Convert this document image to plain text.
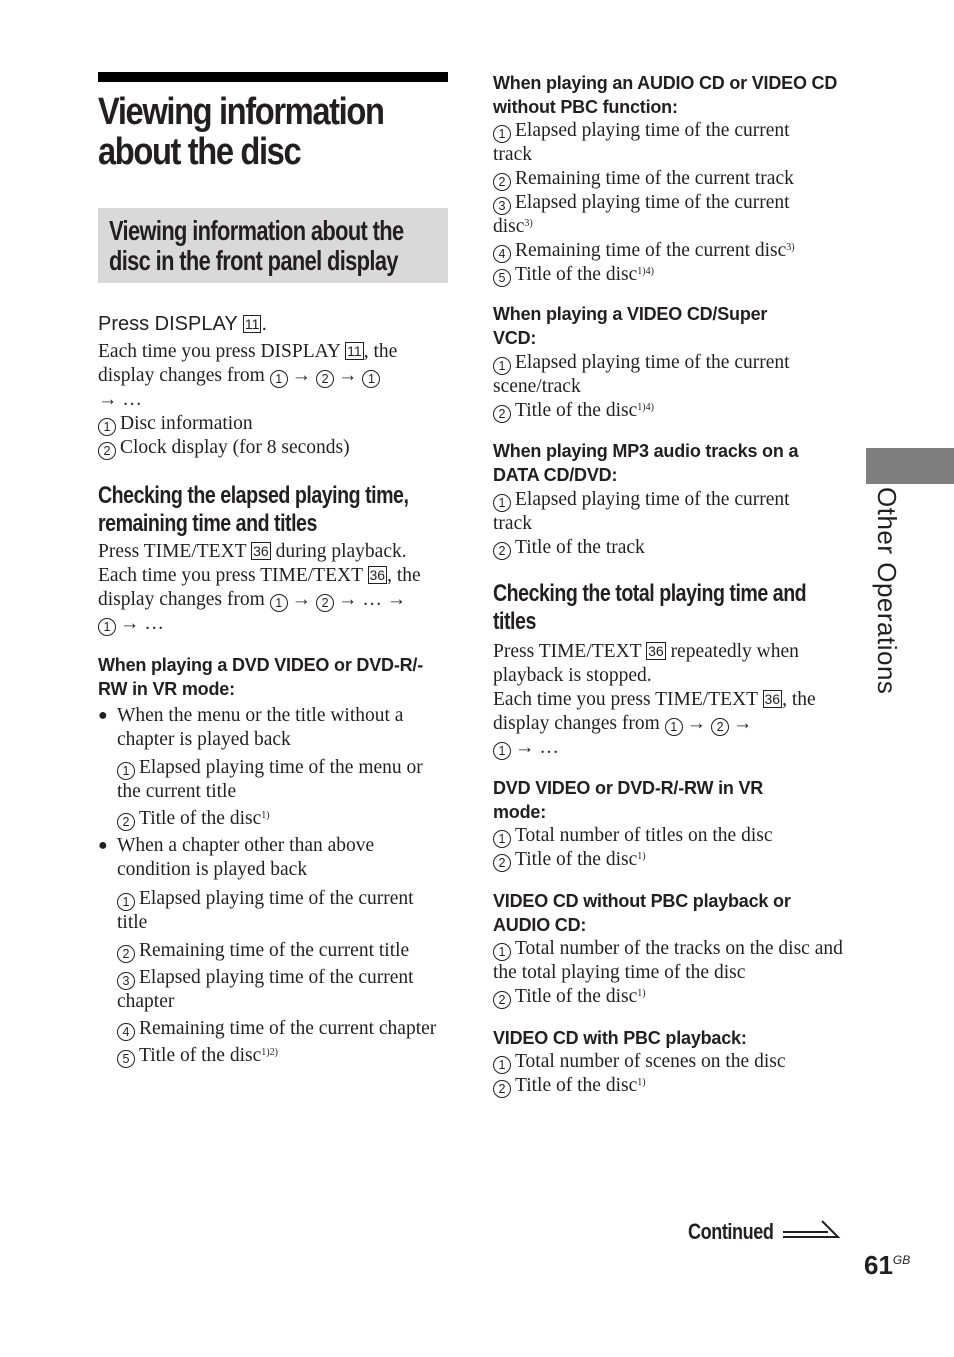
Viewing information about the disc
Viewing information about the disc in the front panel display
Press DISPLAY 11 .
Each time you press DISPLAY 11 , the display changes from 1 → 2 → 1
→ …
1 Disc information
2 Clock display (for 8 seconds)
Checking the elapsed playing time, remaining time and titles
Press TIME/TEXT 36 during playback.
Each time you press TIME/TEXT 36 , the display changes from 1 → 2 → … →
1 → …
When playing a DVD VIDEO or DVD-R/-RW in VR mode:
● When the menu or the title without a chapter is played back
1 Elapsed playing time of the menu or the current title
2 Title of the disc$^{1)}$
● When a chapter other than above condition is played back
1 Elapsed playing time of the current title
2 Remaining time of the current title
3 Elapsed playing time of the current chapter
4 Remaining time of the current chapter
5 Title of the disc$^{1)2)}$
When playing an AUDIO CD or VIDEO CD without PBC function:
1 Elapsed playing time of the current track
2 Remaining time of the current track
3 Elapsed playing time of the current disc$^{3)}$
4 Remaining time of the current disc$^{3)}$
5 Title of the disc$^{1)4)}$
When playing a VIDEO CD/Super VCD:
1 Elapsed playing time of the current scene/track
2 Title of the disc$^{1)4)}$
When playing MP3 audio tracks on a DATA CD/DVD:
1 Elapsed playing time of the current track
2 Title of the track
Checking the total playing time and titles
Press TIME/TEXT 36 repeatedly when playback is stopped.
Each time you press TIME/TEXT 36 , the display changes from 1 → 2 →
1 → …
DVD VIDEO or DVD-R/-RW in VR mode:
1 Total number of titles on the disc
2 Title of the disc$^{1)}$
VIDEO CD without PBC playback or AUDIO CD:
1 Total number of the tracks on the disc and the total playing time of the disc
2 Title of the disc$^{1)}$
VIDEO CD with PBC playback:
1 Total number of scenes on the disc
2 Title of the disc$^{1)}$
Other Operations
Continued
$61^{GB}$
